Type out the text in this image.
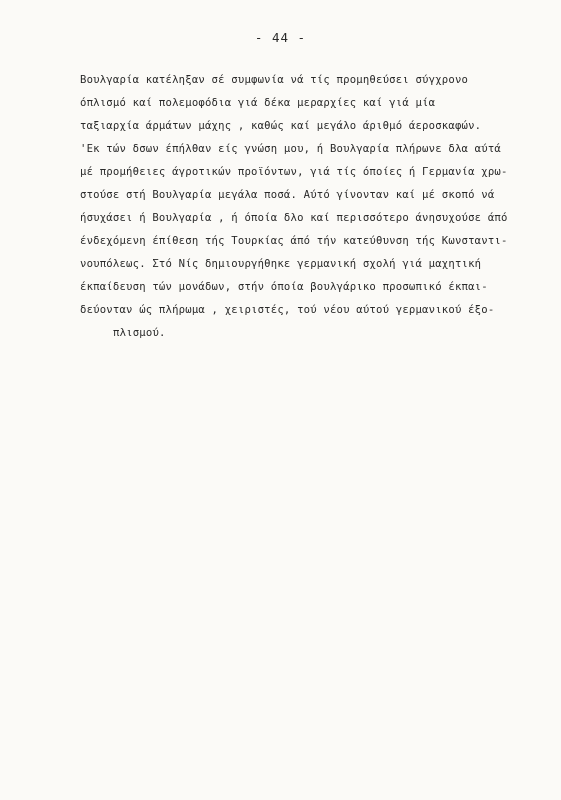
- 44 -
Βουλγαρία κατέληξαν σέ συμφωνία νά τίς προμηθεύσει σύγχρονο
όπλισμό καί πολεμοφόδια γιά δέκα μεραρχίες καί γιά μία
ταξιαρχία άρμάτων μάχης , καθώς καί μεγάλο άριθμό άεροσκαφών.
'Εκ τών δσων έπήλθαν είς γνώση μου, ή Βουλγαρία πλήρωνε δλα αύτά
μέ προμήθειες άγροτικών προϊόντων, γιά τίς όποίες ή Γερμανία χρω-
στούσε στή Βουλγαρία μεγάλα ποσά. Αύτό γίνονταν καί μέ σκοπό νά
ήσυχάσει ή Βουλγαρία , ή όποία δλο καί περισσότερο άνησυχούσε άπό
ένδεχόμενη έπίθεση τής Τουρκίας άπό τήν κατεύθυνση τής Κωνσταντι-
νουπόλεως. Στό Νίς δημιουργήθηκε γερμανική σχολή γιά μαχητική
έκπαίδευση τών μονάδων, στήν όποία βουλγάρικο προσωπικό έκπαι-
δεύονταν ώς πλήρωμα , χειριστές, τού νέου αύτού γερμανικού έξο-
πλισμού.
